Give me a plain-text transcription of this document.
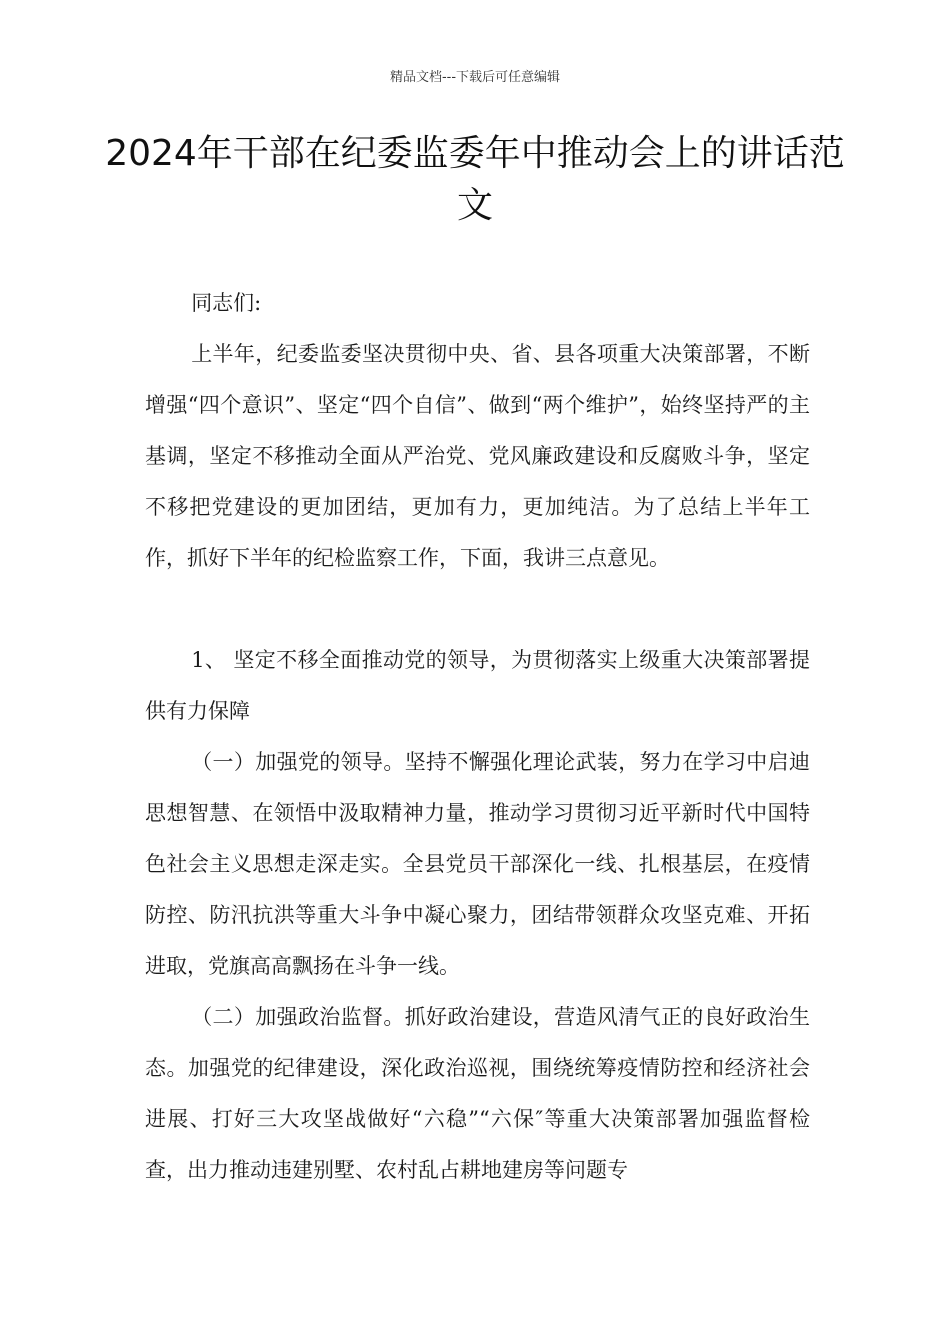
精品文档---下载后可任意编辑
2024年干部在纪委监委年中推动会上的讲话范文

同志们:

上半年，纪委监委坚决贯彻中央、省、县各项重大决策部署，不断增强“四个意识”、坚定“四个自信”、做到“两个维护”，始终坚持严的主基调，坚定不移推动全面从严治党、党风廉政建设和反腐败斗争，坚定不移把党建设的更加团结，更加有力，更加纯洁。为了总结上半年工作，抓好下半年的纪检监察工作，下面，我讲三点意见。

1、 坚定不移全面推动党的领导，为贯彻落实上级重大决策部署提供有力保障

（一）加强党的领导。坚持不懈强化理论武装，努力在学习中启迪思想智慧、在领悟中汲取精神力量，推动学习贯彻习近平新时代中国特色社会主义思想走深走实。全县党员干部深化一线、扎根基层，在疫情防控、防汛抗洪等重大斗争中凝心聚力，团结带领群众攻坚克难、开拓进取，党旗高高飘扬在斗争一线。

（二）加强政治监督。抓好政治建设，营造风清气正的良好政治生态。加强党的纪律建设，深化政治巡视，围绕统筹疫情防控和经济社会进展、打好三大攻坚战做好“六稳”“六保″等重大决策部署加强监督检查，出力推动违建别墅、农村乱占耕地建房等问题专
